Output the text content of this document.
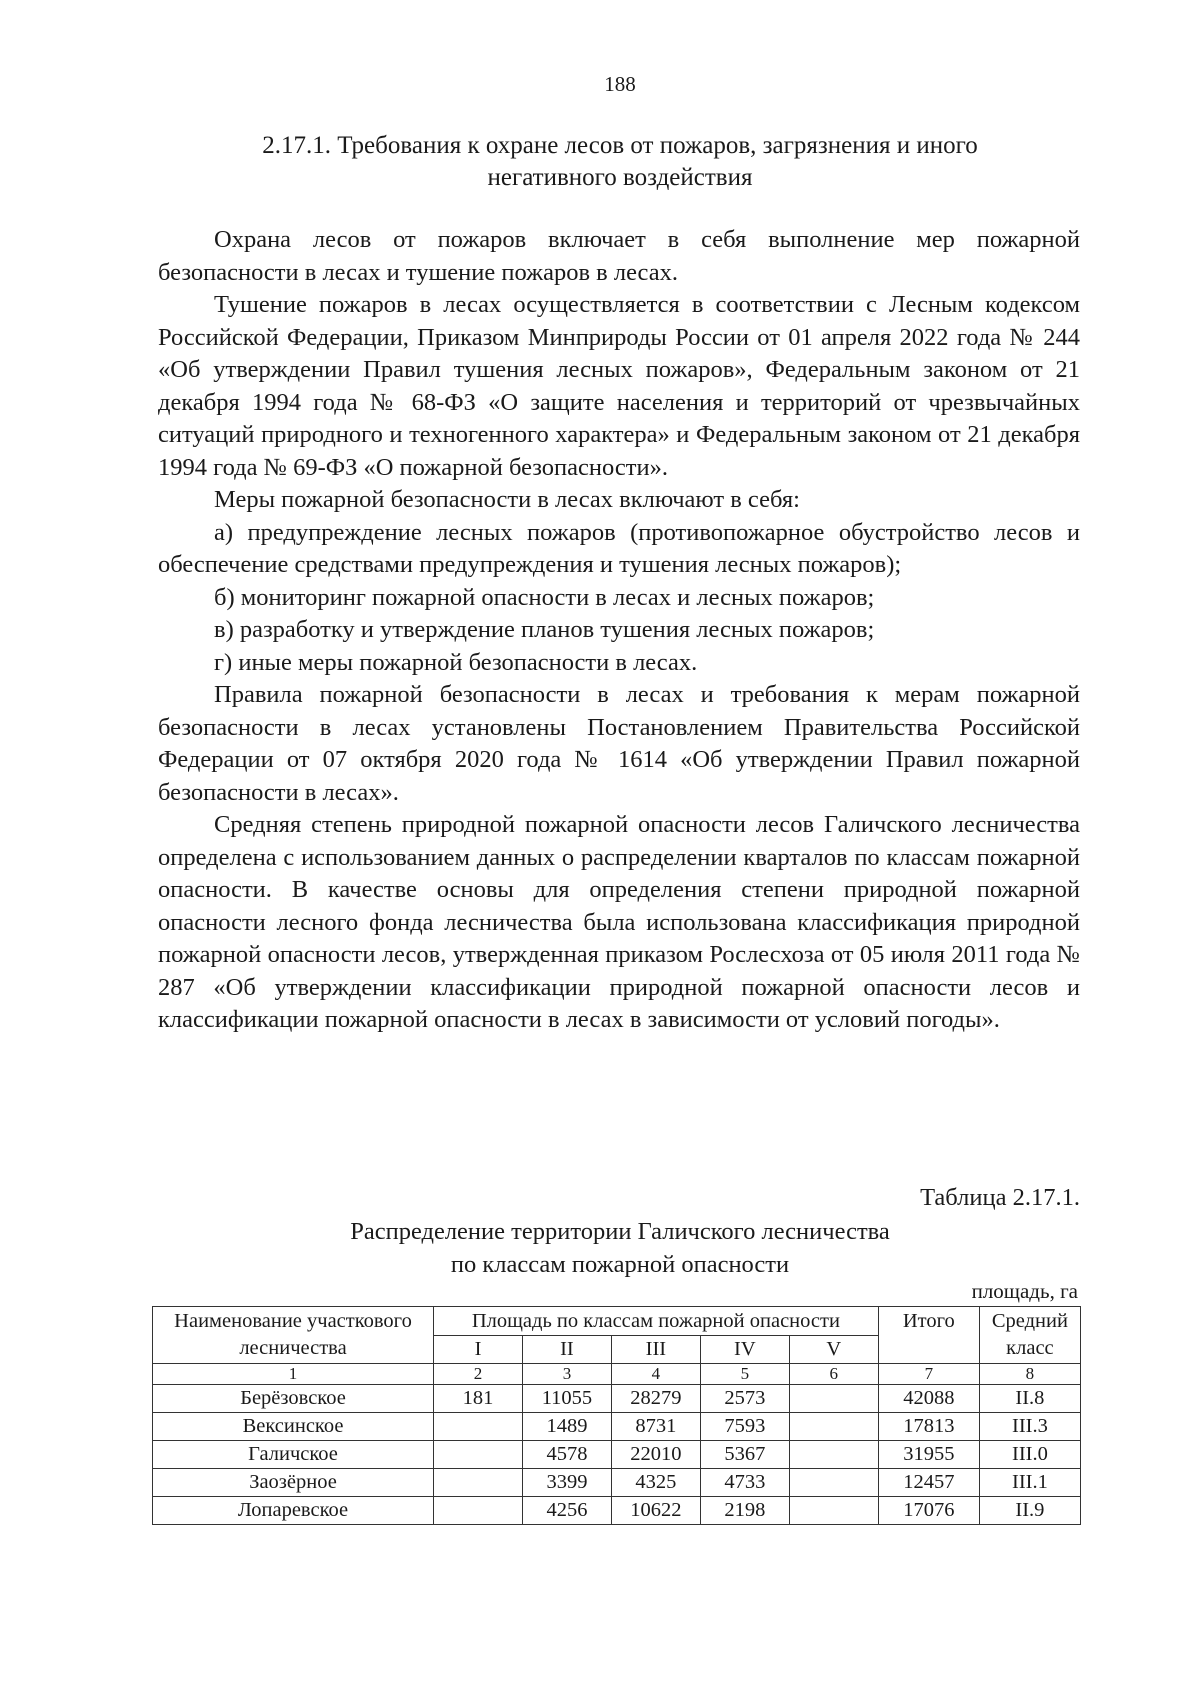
188
2.17.1. Требования к охране лесов от пожаров, загрязнения и иного
негативного воздействия

Охрана лесов от пожаров включает в себя выполнение мер пожарной безопасности в лесах и тушение пожаров в лесах.

Тушение пожаров в лесах осуществляется в соответствии с Лесным кодексом Российской Федерации, Приказом Минприроды России от 01 апреля 2022 года № 244 «Об утверждении Правил тушения лесных пожаров», Федеральным законом от 21 декабря 1994 года № 68-ФЗ «О защите населения и территорий от чрезвычайных ситуаций природного и техногенного характера» и Федеральным законом от 21 декабря 1994 года № 69-ФЗ «О пожарной безопасности».

Меры пожарной безопасности в лесах включают в себя:

а) предупреждение лесных пожаров (противопожарное обустройство лесов и обеспечение средствами предупреждения и тушения лесных пожаров);

б) мониторинг пожарной опасности в лесах и лесных пожаров;

в) разработку и утверждение планов тушения лесных пожаров;

г) иные меры пожарной безопасности в лесах.

Правила пожарной безопасности в лесах и требования к мерам пожарной безопасности в лесах установлены Постановлением Правительства Российской Федерации от 07 октября 2020 года № 1614 «Об утверждении Правил пожарной безопасности в лесах».

Средняя степень природной пожарной опасности лесов Галичского лесничества определена с использованием данных о распределении кварталов по классам пожарной опасности. В качестве основы для определения степени природной пожарной опасности лесного фонда лесничества была использована классификация природной пожарной опасности лесов, утвержденная приказом Рослесхоза от 05 июля 2011 года № 287 «Об утверждении классификации природной пожарной опасности лесов и классификации пожарной опасности в лесах в зависимости от условий погоды».

Таблица 2.17.1.
Распределение территории Галичского лесничества
по классам пожарной опасности
площадь, га
Наименование участкового лесничества	Площадь по классам пожарной опасности					Итого	Средний класс
	I	II	III	IV	V		
1	2	3	4	5	6	7	8
Берёзовское	181	11055	28279	2573		42088	II.8
Вексинское		1489	8731	7593		17813	III.3
Галичское		4578	22010	5367		31955	III.0
Заозёрное		3399	4325	4733		12457	III.1
Лопаревское		4256	10622	2198		17076	II.9
